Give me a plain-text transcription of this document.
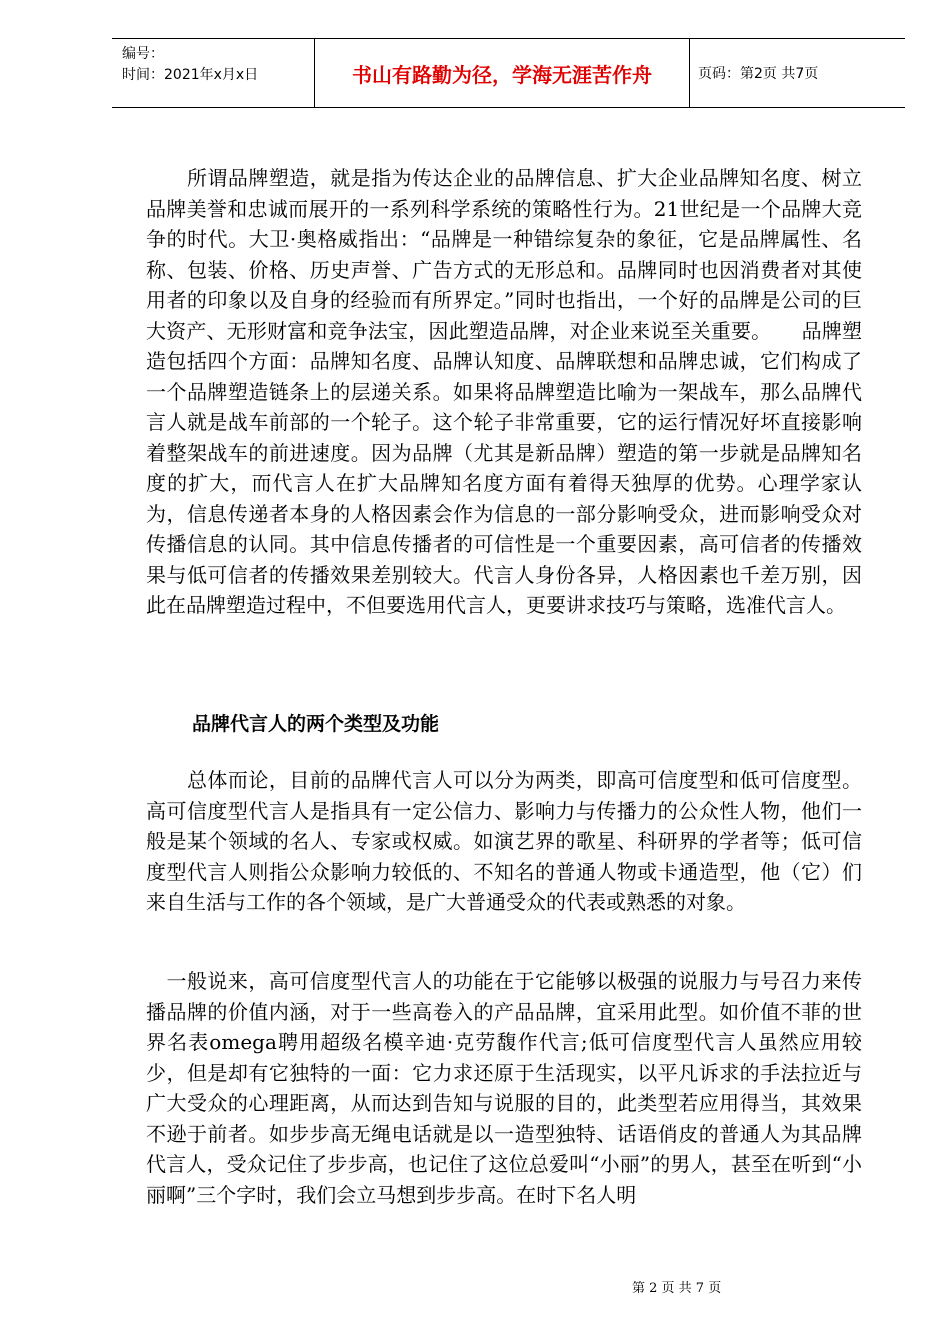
编号：
时间：2021年x月x日	书山有路勤为径，学海无涯苦作舟	页码：第2页 共7页

　　所谓品牌塑造，就是指为传达企业的品牌信息、扩大企业品牌知名度、树立品牌美誉和忠诚而展开的一系列科学系统的策略性行为。21世纪是一个品牌大竞争的时代。大卫·奥格威指出：“品牌是一种错综复杂的象征，它是品牌属性、名称、包装、价格、历史声誉、广告方式的无形总和。品牌同时也因消费者对其使用者的印象以及自身的经验而有所界定。”同时也指出，一个好的品牌是公司的巨大资产、无形财富和竞争法宝，因此塑造品牌，对企业来说至关重要。　　品牌塑造包括四个方面：品牌知名度、品牌认知度、品牌联想和品牌忠诚，它们构成了一个品牌塑造链条上的层递关系。如果将品牌塑造比喻为一架战车，那么品牌代言人就是战车前部的一个轮子。这个轮子非常重要，它的运行情况好坏直接影响着整架战车的前进速度。因为品牌（尤其是新品牌）塑造的第一步就是品牌知名度的扩大，而代言人在扩大品牌知名度方面有着得天独厚的优势。心理学家认为，信息传递者本身的人格因素会作为信息的一部分影响受众，进而影响受众对传播信息的认同。其中信息传播者的可信性是一个重要因素，高可信者的传播效果与低可信者的传播效果差别较大。代言人身份各异，人格因素也千差万别，因此在品牌塑造过程中，不但要选用代言人，更要讲求技巧与策略，选准代言人。

品牌代言人的两个类型及功能

　　总体而论，目前的品牌代言人可以分为两类，即高可信度型和低可信度型。高可信度型代言人是指具有一定公信力、影响力与传播力的公众性人物，他们一般是某个领域的名人、专家或权威。如演艺界的歌星、科研界的学者等；低可信度型代言人则指公众影响力较低的、不知名的普通人物或卡通造型，他（它）们来自生活与工作的各个领域，是广大普通受众的代表或熟悉的对象。

　一般说来，高可信度型代言人的功能在于它能够以极强的说服力与号召力来传播品牌的价值内涵，对于一些高卷入的产品品牌，宜采用此型。如价值不菲的世界名表omega聘用超级名模辛迪·克劳馥作代言;低可信度型代言人虽然应用较少，但是却有它独特的一面：它力求还原于生活现实，以平凡诉求的手法拉近与广大受众的心理距离，从而达到告知与说服的目的，此类型若应用得当，其效果不逊于前者。如步步高无绳电话就是以一造型独特、话语俏皮的普通人为其品牌代言人，受众记住了步步高，也记住了这位总爱叫“小丽”的男人，甚至在听到“小丽啊”三个字时，我们会立马想到步步高。在时下名人明

第 2 页 共 7 页
